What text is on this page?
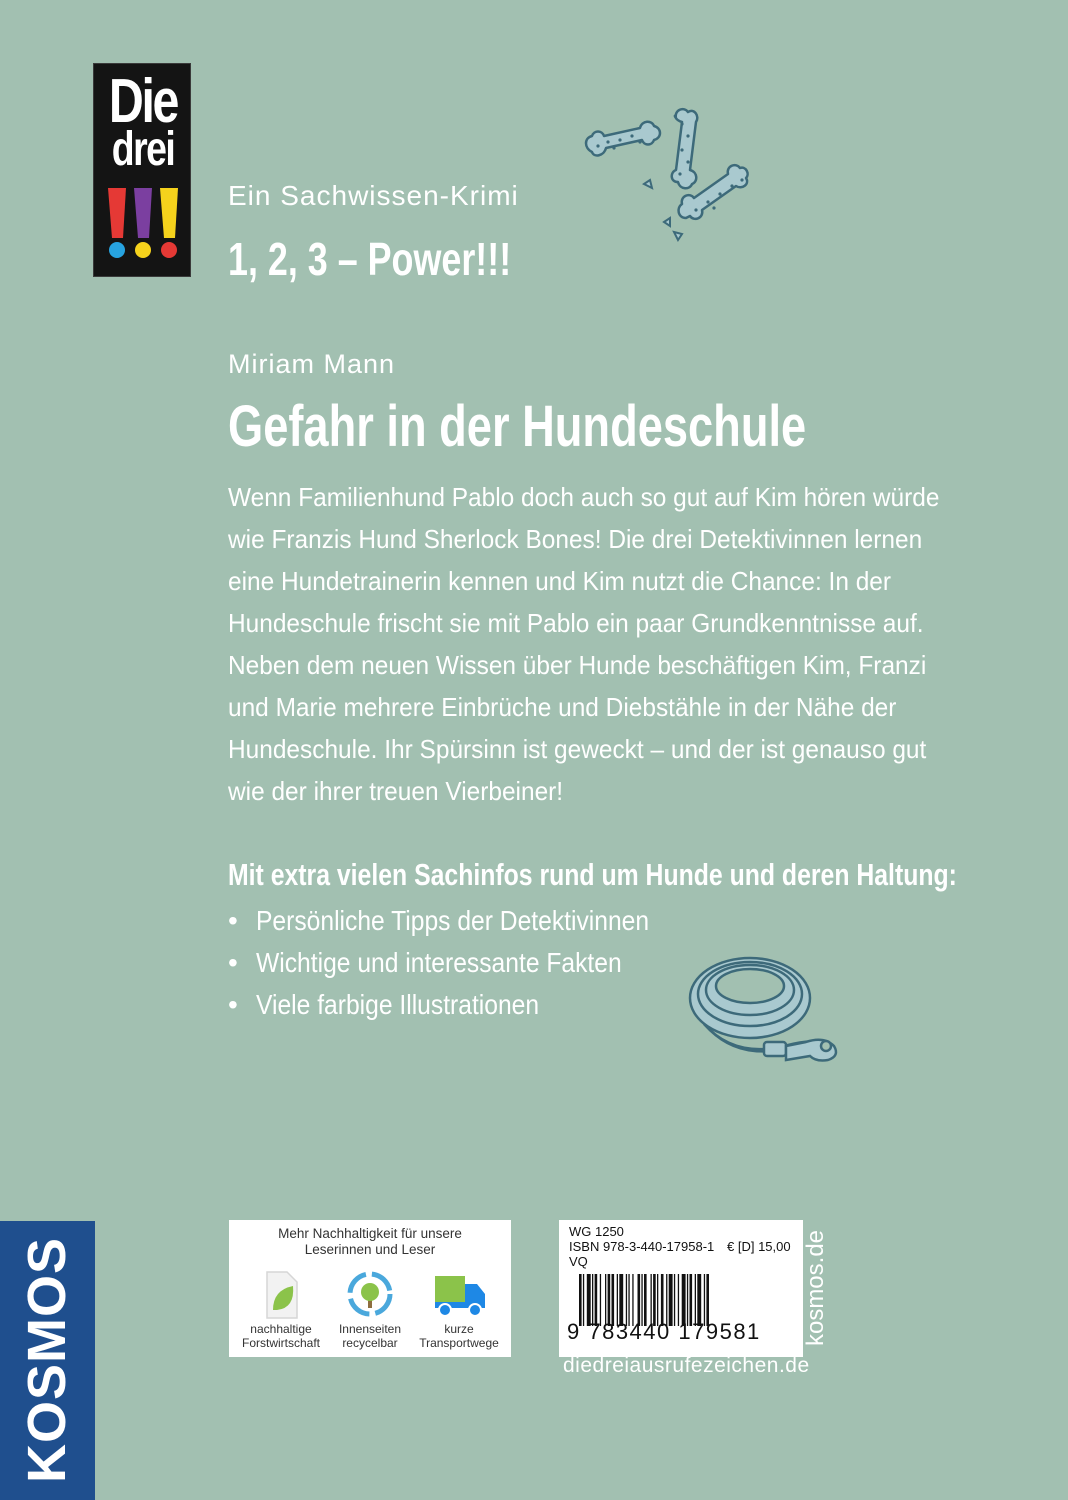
Die
drei
Ein Sachwissen-Krimi
1, 2, 3 – Power!!!
Miriam Mann
Gefahr in der Hundeschule
Wenn Familienhund Pablo doch auch so gut auf Kim hören würde
wie Franzis Hund Sherlock Bones! Die drei Detektivinnen lernen
eine Hundetrainerin kennen und Kim nutzt die Chance: In der
Hundeschule frischt sie mit Pablo ein paar Grundkenntnisse auf.
Neben dem neuen Wissen über Hunde beschäftigen Kim, Franzi
und Marie mehrere Einbrüche und Diebstähle in der Nähe der
Hundeschule. Ihr Spürsinn ist geweckt – und der ist genauso gut
wie der ihrer treuen Vierbeiner!
Mit extra vielen Sachinfos rund um Hunde und deren Haltung:
• Persönliche Tipps der Detektivinnen
• Wichtige und interessante Fakten
• Viele farbige Illustrationen
KOSMOS
Mehr Nachhaltigkeit für unsere
Leserinnen und Leser
nachhaltige
Forstwirtschaft
Innenseiten
recycelbar
kurze
Transportwege
WG 1250
ISBN 978-3-440-17958-1 € [D] 15,00
VQ
9 783440 179581 kosmos.de
diedreiausrufezeichen.de
